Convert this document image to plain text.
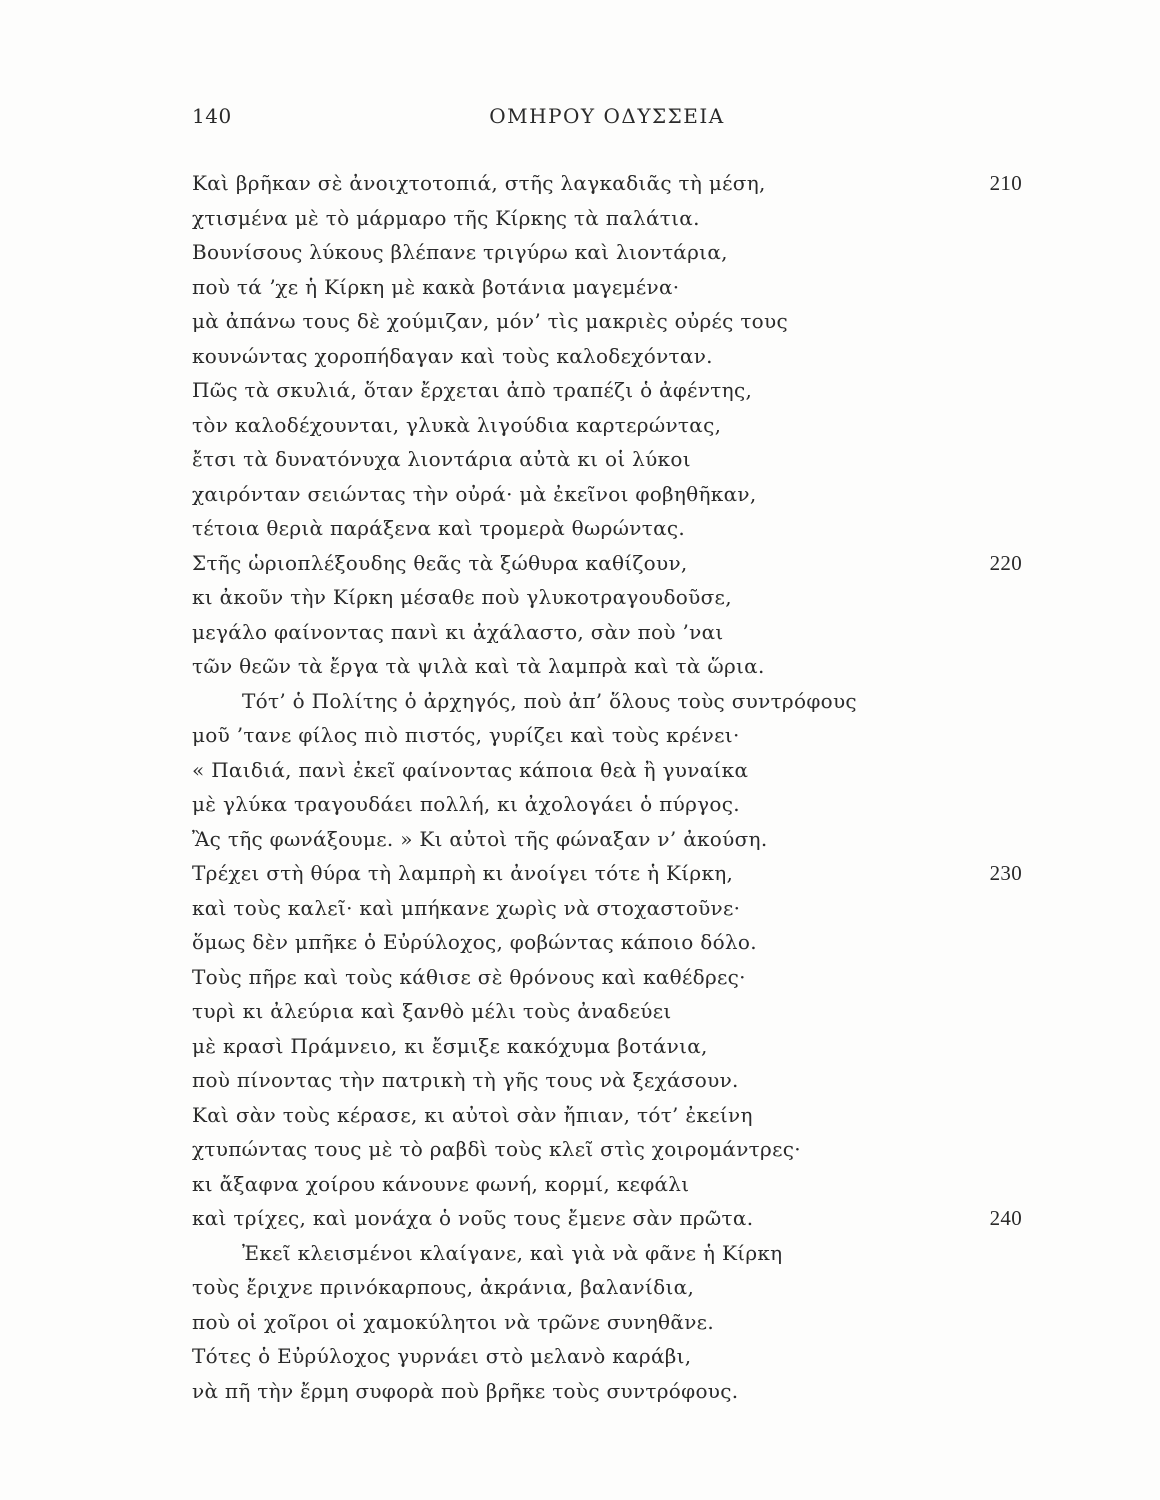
140	ΟΜΗΡΟΥ ΟΔΥΣΣΕΙΑ
Καὶ βρῆκαν σὲ ἀνοιχτοτοπιά, στῆς λαγκαδιᾶς τὴ μέση,	210
χτισμένα μὲ τὸ μάρμαρο τῆς Κίρκης τὰ παλάτια.
Βουνίσους λύκους βλέπανε τριγύρω καὶ λιοντάρια,
ποὺ τά ʼχε ἡ Κίρκη μὲ κακὰ βοτάνια μαγεμένα·
μὰ ἀπάνω τους δὲ χούμιζαν, μόν’ τὶς μακριὲς οὐρές τους
κουνώντας χοροπήδαγαν καὶ τοὺς καλοδεχόνταν.
Πῶς τὰ σκυλιά, ὅταν ἔρχεται ἀπὸ τραπέζι ὁ ἀφέντης,
τὸν καλοδέχουνται, γλυκὰ λιγούδια καρτερώντας,
ἔτσι τὰ δυνατόνυχα λιοντάρια αὐτὰ κι οἱ λύκοι
χαιρόνταν σειώντας τὴν οὐρά· μὰ ἐκεῖνοι φοβηθῆκαν,
τέτοια θεριὰ παράξενα καὶ τρομερὰ θωρώντας.
Στῆς ὡριοπλέξουδης θεᾶς τὰ ξώθυρα καθίζουν,	220
κι ἀκοῦν τὴν Κίρκη μέσαθε ποὺ γλυκοτραγουδοῦσε,
μεγάλο φαίνοντας πανὶ κι ἀχάλαστο, σὰν ποὺ ’ναι
τῶν θεῶν τὰ ἔργα τὰ ψιλὰ καὶ τὰ λαμπρὰ καὶ τὰ ὥρια.
Τότ’ ὁ Πολίτης ὁ ἀρχηγός, ποὺ ἀπ’ ὅλους τοὺς συντρόφους
μοῦ ’τανε φίλος πιὸ πιστός, γυρίζει καὶ τοὺς κρένει·
« Παιδιά, πανὶ ἐκεῖ φαίνοντας κάποια θεὰ ἢ γυναίκα
μὲ γλύκα τραγουδάει πολλή, κι ἀχολογάει ὁ πύργος.
Ἂς τῆς φωνάξουμε. » Κι αὐτοὶ τῆς φώναξαν ν’ ἀκούση.
Τρέχει στὴ θύρα τὴ λαμπρὴ κι ἀνοίγει τότε ἡ Κίρκη,	230
καὶ τοὺς καλεῖ· καὶ μπήκανε χωρὶς νὰ στοχαστοῦνε·
ὅμως δὲν μπῆκε ὁ Εὐρύλοχος, φοβώντας κάποιο δόλο.
Τοὺς πῆρε καὶ τοὺς κάθισε σὲ θρόνους καὶ καθέδρες·
τυρὶ κι ἀλεύρια καὶ ξανθὸ μέλι τοὺς ἀναδεύει
μὲ κρασὶ Πράμνειο, κι ἔσμιξε κακόχυμα βοτάνια,
ποὺ πίνοντας τὴν πατρικὴ τὴ γῆς τους νὰ ξεχάσουν.
Καὶ σὰν τοὺς κέρασε, κι αὐτοὶ σὰν ἤπιαν, τότ’ ἐκείνη
χτυπώντας τους μὲ τὸ ραβδὶ τοὺς κλεῖ στὶς χοιρομάντρες·
κι ἄξαφνα χοίρου κάνουνε φωνή, κορμί, κεφάλι
καὶ τρίχες, καὶ μονάχα ὁ νοῦς τους ἔμενε σὰν πρῶτα.	240
Ἐκεῖ κλεισμένοι κλαίγανε, καὶ γιὰ νὰ φᾶνε ἡ Κίρκη
τοὺς ἔριχνε πρινόκαρπους, ἀκράνια, βαλανίδια,
ποὺ οἱ χοῖροι οἱ χαμοκύλητοι νὰ τρῶνε συνηθᾶνε.
Τότες ὁ Εὐρύλοχος γυρνάει στὸ μελανὸ καράβι,
νὰ πῆ τὴν ἔρμη συφορὰ ποὺ βρῆκε τοὺς συντρόφους.
